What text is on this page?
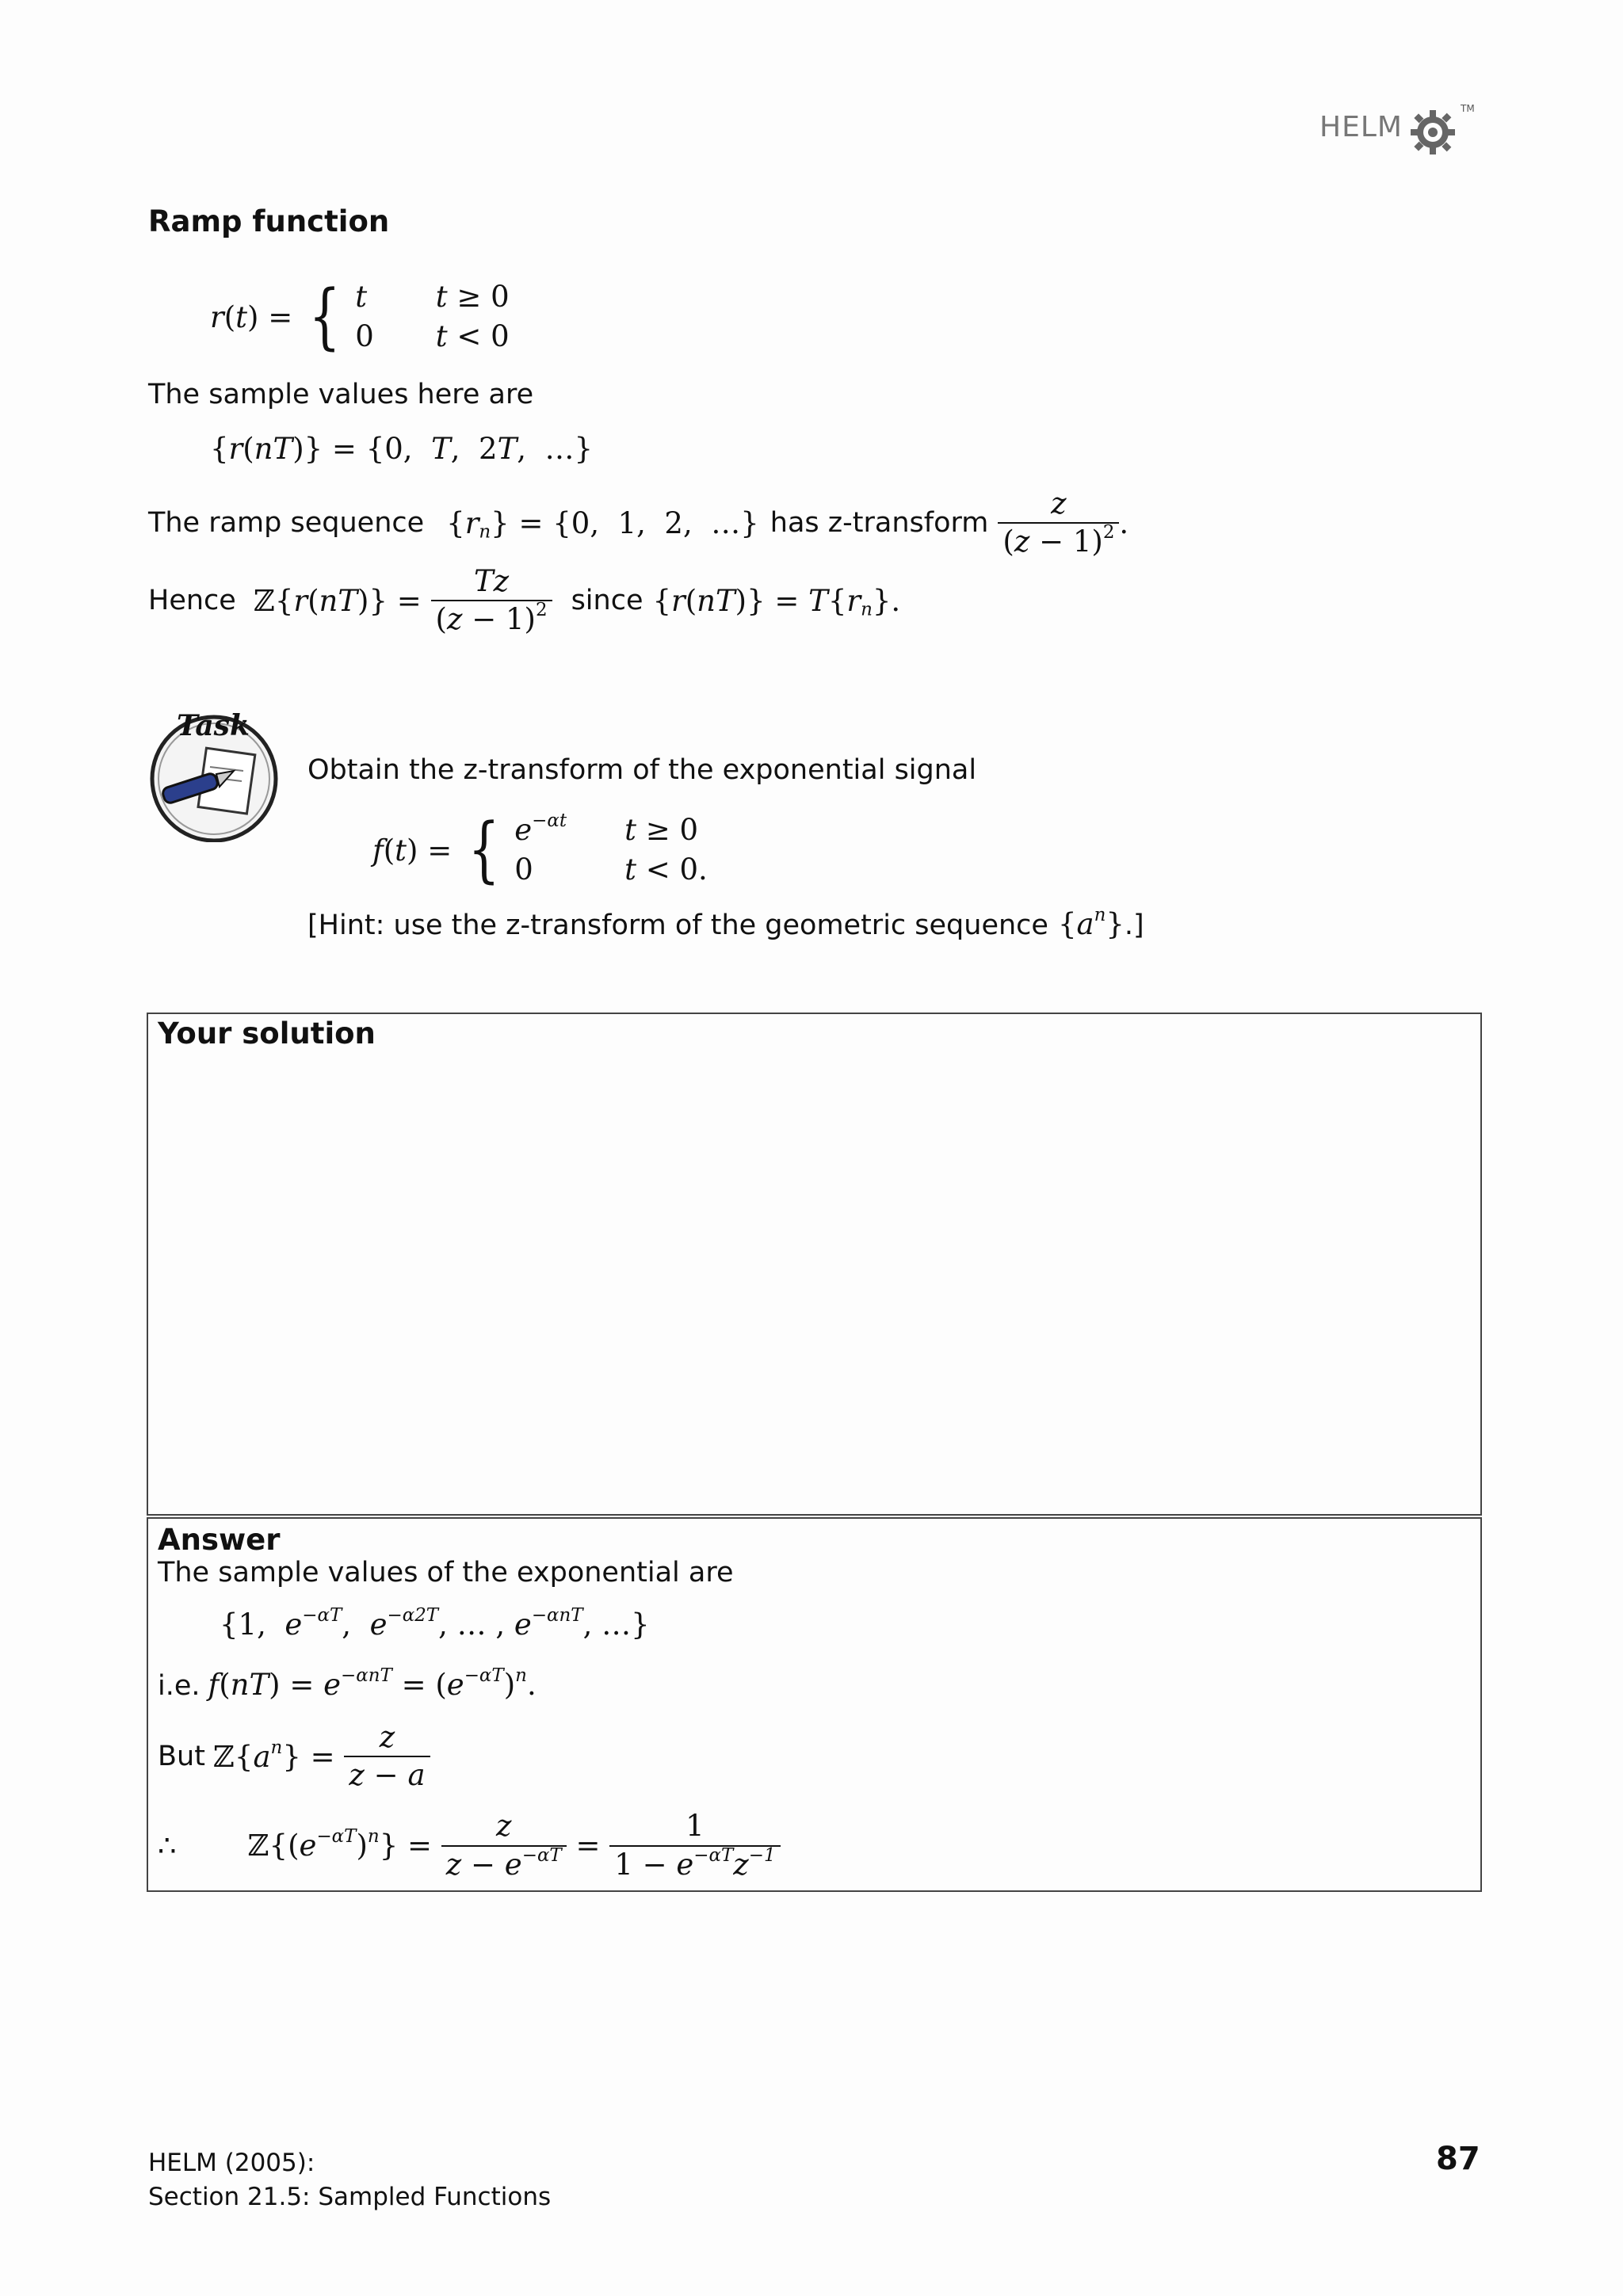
HELM
TM
Ramp function
r ( t ) = { t	t ≥ 0
0	t < 0
The sample values here are
{r(nT)} = {0,  T,  2T,  …}
The ramp sequence $\{r_n\} = \{0$,  1,  2,  …} has z-transform $\frac{z}{(z - 1)^2}$ .
Hence ℤ{r(nT)} = $\frac{Tz}{(z - 1)^2}$ since $\{r(nT)\} = T\{r_n\}$.
Task
Obtain the z-transform of the exponential signal
f ( t ) = { $e^{-\alpha t}$	t ≥ 0
0	t < 0.
[Hint: use the z-transform of the geometric sequence $\{a^n\}$ .]
Your solution
Answer
The sample values of the exponential are
{1,  $e^{-\alpha T}$,  $e^{-\alpha 2T}$, … , $e^{-\alpha nT}$, …}
i.e. $f(nT) = e^{-\alpha nT} = (e^{-\alpha T})^n$.
But $ℤ\{a^n\} = \frac{z}{z - a}$
∴ $ℤ\{(e^{-\alpha T})^n\} = \frac{z}{z - e^{-\alpha T}} = \frac{1}{1 - e^{-\alpha T}z^{-1}}$
HELM (2005):
Section 21.5: Sampled Functions
87
